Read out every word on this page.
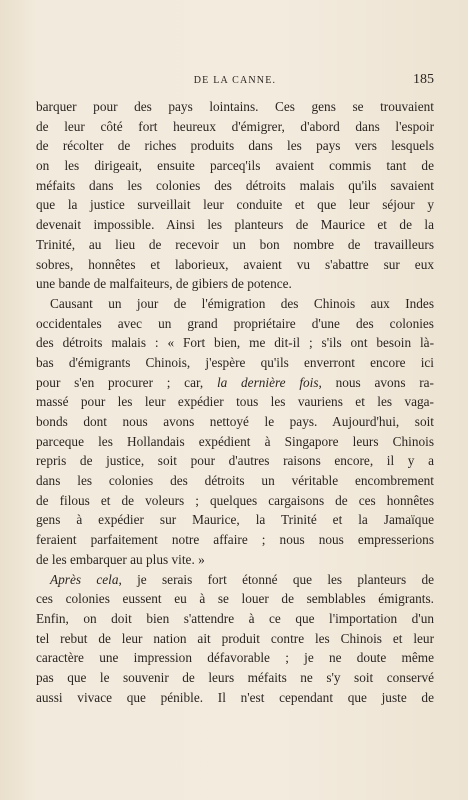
DE LA CANNE.	185
barquer pour des pays lointains. Ces gens se trouvaient
de leur côté fort heureux d'émigrer, d'abord dans l'espoir
de récolter de riches produits dans les pays vers lesquels
on les dirigeait, ensuite parceq'ils avaient commis tant de
méfaits dans les colonies des détroits malais qu'ils savaient
que la justice surveillait leur conduite et que leur séjour y
devenait impossible. Ainsi les planteurs de Maurice et de la
Trinité, au lieu de recevoir un bon nombre de travailleurs
sobres, honnêtes et laborieux, avaient vu s'abattre sur eux
une bande de malfaiteurs, de gibiers de potence.
Causant un jour de l'émigration des Chinois aux Indes
occidentales avec un grand propriétaire d'une des colonies
des détroits malais : « Fort bien, me dit-il ; s'ils ont besoin là-
bas d'émigrants Chinois, j'espère qu'ils enverront encore ici
pour s'en procurer ; car, la dernière fois, nous avons ra-
massé pour les leur expédier tous les vauriens et les vaga-
bonds dont nous avons nettoyé le pays. Aujourd'hui, soit
parceque les Hollandais expédient à Singapore leurs Chinois
repris de justice, soit pour d'autres raisons encore, il y a
dans les colonies des détroits un véritable encombrement
de filous et de voleurs ; quelques cargaisons de ces honnêtes
gens à expédier sur Maurice, la Trinité et la Jamaïque
feraient parfaitement notre affaire ; nous nous empresserions
de les embarquer au plus vite. »
Après cela, je serais fort étonné que les planteurs de
ces colonies eussent eu à se louer de semblables émigrants.
Enfin, on doit bien s'attendre à ce que l'importation d'un
tel rebut de leur nation ait produit contre les Chinois et leur
caractère une impression défavorable ; je ne doute même
pas que le souvenir de leurs méfaits ne s'y soit conservé
aussi vivace que pénible. Il n'est cependant que juste de
